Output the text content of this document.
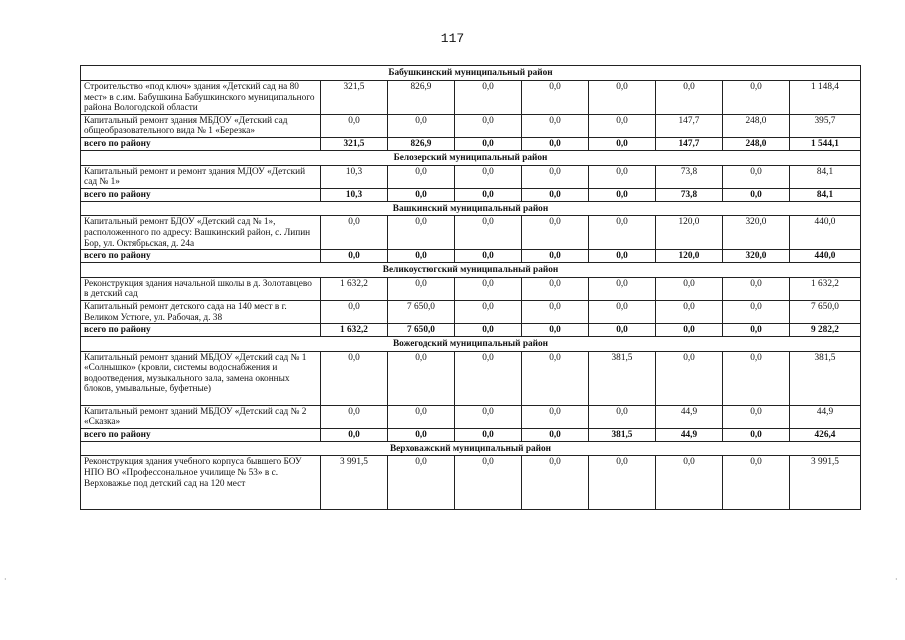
117
Бабушкинский муниципальный район								
Строительство «под ключ» здания «Детский сад на 80 мест» в с.им. Бабушкина Бабушкинского муниципального района Вологодской области	321,5	826,9	0,0	0,0	0,0	0,0	0,0	1 148,4
Капитальный ремонт здания МБДОУ «Детский сад общеобразовательного вида № 1 «Березка»	0,0	0,0	0,0	0,0	0,0	147,7	248,0	395,7
всего по району	321,5	826,9	0,0	0,0	0,0	147,7	248,0	1 544,1
Белозерский муниципальный район								
Капитальный ремонт и ремонт здания МДОУ «Детский сад № 1»	10,3	0,0	0,0	0,0	0,0	73,8	0,0	84,1
всего по району	10,3	0,0	0,0	0,0	0,0	73,8	0,0	84,1
Вашкинский муниципальный район								
Капитальный ремонт БДОУ «Детский сад № 1», расположенного по адресу: Вашкинский район, с. Липин Бор, ул. Октябрьская, д. 24а	0,0	0,0	0,0	0,0	0,0	120,0	320,0	440,0
всего по району	0,0	0,0	0,0	0,0	0,0	120,0	320,0	440,0
Великоустюгский муниципальный район								
Реконструкция здания начальной школы в д. Золотавцево в детский сад	1 632,2	0,0	0,0	0,0	0,0	0,0	0,0	1 632,2
Капитальный ремонт детского сада на 140 мест в г. Великом Устюге, ул. Рабочая, д. 38	0,0	7 650,0	0,0	0,0	0,0	0,0	0,0	7 650,0
всего по району	1 632,2	7 650,0	0,0	0,0	0,0	0,0	0,0	9 282,2
Вожегодский муниципальный район								
Капитальный ремонт зданий МБДОУ «Детский сад № 1 «Солнышко» (кровли, системы водоснабжения и водоотведения, музыкального зала, замена оконных блоков, умывальные, буфетные)	0,0	0,0	0,0	0,0	381,5	0,0	0,0	381,5
Капитальный ремонт зданий МБДОУ «Детский сад № 2 «Сказка»	0,0	0,0	0,0	0,0	0,0	44,9	0,0	44,9
всего по району	0,0	0,0	0,0	0,0	381,5	44,9	0,0	426,4
Верховажский муниципальный район								
Реконструкция здания учебного корпуса бывшего БОУ НПО ВО «Профессональное училище № 53» в с. Верховажье под детский сад на 120 мест	3 991,5	0,0	0,0	0,0	0,0	0,0	0,0	3 991,5
·	·
